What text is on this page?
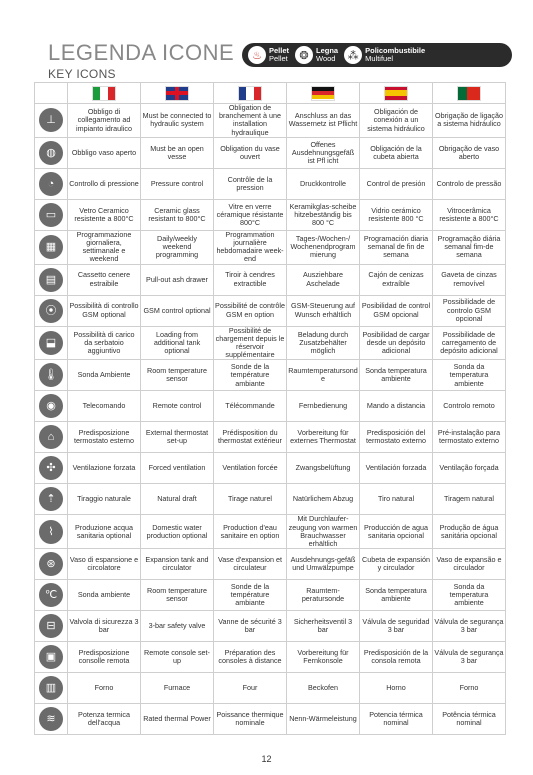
LEGENDA ICONE
KEY ICONS
♨ Pellet
Pellet	❂ Legna
Wood	⁂ Policombustibile
Multifuel

⊥	Obbligo di collegamento ad impianto idraulico	Must be connected to hydraulic system	Obligation de branchement à une installation hydraulique	Anschluss an das Wassernetz ist Pflicht	Obligación de conexión a un sistema hidráulico	Obrigação de ligação a sistema hidráulico

◍	Obbligo vaso aperto	Must be an open vesse	Obligation du vase ouvert	Offenes Ausdehnungsgefäß ist Pfl icht	Obligación de la cubeta abierta	Obrigação de vaso aberto

◔	Controllo di pressione	Pressure control	Contrôle de la pression	Druckkontrolle	Control de presión	Controlo de pressão

▭	Vetro Ceramico resistente a 800°C	Ceramic glass resistant to 800°C	Vitre en verre céramique résistante 800°C	Keramikglas-scheibe hitzebeständig bis 800 °C	Vidrio cerámico resistente 800 °C	Vitrocerâmica resistente a 800°C

▦	Programmazione giornaliera, settimanale e weekend	Daily/weekly weekend programming	Programmation journalière hebdomadaire week-end	Tages-/Wochen-/ Wochenendprogram mierung	Programación diaria semanal de fin de semana	Programação diária semanal fim-de semana

▤	Cassetto cenere estraibile	Pull-out ash drawer	Tiroir à cendres extractible	Ausziehbare Aschelade	Cajón de cenizas extraíble	Gaveta de cinzas removível

⦿	Possibilità di controllo GSM optional	GSM control optional	Possibilité de contrôle GSM en option	GSM-Steuerung auf Wunsch erhältlich	Posibilidad de control GSM opcional	Possibilidade de controlo GSM opcional

⬓	Possibilità di carico da serbatoio aggiuntivo	Loading from additional tank optional	Possibilité de chargement depuis le réservoir supplémentaire	Beladung durch Zusatzbehälter möglich	Posibilidad de cargar desde un depósito adicional	Possibilidade de carregamento de depósito adicional

🌡	Sonda Ambiente	Room temperature sensor	Sonde de la température ambiante	Raumtemperatursond e	Sonda temperatura ambiente	Sonda da temperatura ambiente

◉	Telecomando	Remote control	Télécommande	Fernbedienung	Mando a distancia	Controlo remoto

⌂	Predisposizione termostato esterno	External thermostat set-up	Prédisposition du thermostat extérieur	Vorbereitung für externes Thermostat	Predisposición del termostato externo	Pré-instalação para termostato externo

✣	Ventilazione forzata	Forced ventilation	Ventilation forcée	Zwangsbelüftung	Ventilación forzada	Ventilação forçada

⇡	Tiraggio naturale	Natural draft	Tirage naturel	Natürlichem Abzug	Tiro natural	Tiragem natural

⌇	Produzione acqua sanitaria optional	Domestic water production optional	Production d'eau sanitaire en option	Mit Durchlaufer-zeugung von warmen Brauchwasser erhältlich	Producción de agua sanitaria opcional	Produção de água sanitária opcional

⊛	Vaso di espansione e circolatore	Expansion tank and circulator	Vase d'expansion et circulateur	Ausdehnungs-gefäß und Umwälzpumpe	Cubeta de expansión y circulador	Vaso de expansão e circulador

℃	Sonda ambiente	Room temperature sensor	Sonde de la température ambiante	Raumtem-peratursonde	Sonda temperatura ambiente	Sonda da temperatura ambiente

⊟	Valvola di sicurezza 3 bar	3-bar safety valve	Vanne de sécurité 3 bar	Sicherheitsventil 3 bar	Válvula de seguridad 3 bar	Válvula de segurança 3 bar

▣	Predisposizione consolle remota	Remote console set-up	Préparation des consoles à distance	Vorbereitung für Fernkonsole	Predisposición de la consola remota	Válvula de segurança 3 bar

▥	Forno	Furnace	Four	Beckofen	Horno	Forno

≋	Potenza termica dell'acqua	Rated thermal Power	Poissance thermique nominale	Nenn-Wärmeleistung	Potencia térmica nominal	Potência térmica nominal
12
